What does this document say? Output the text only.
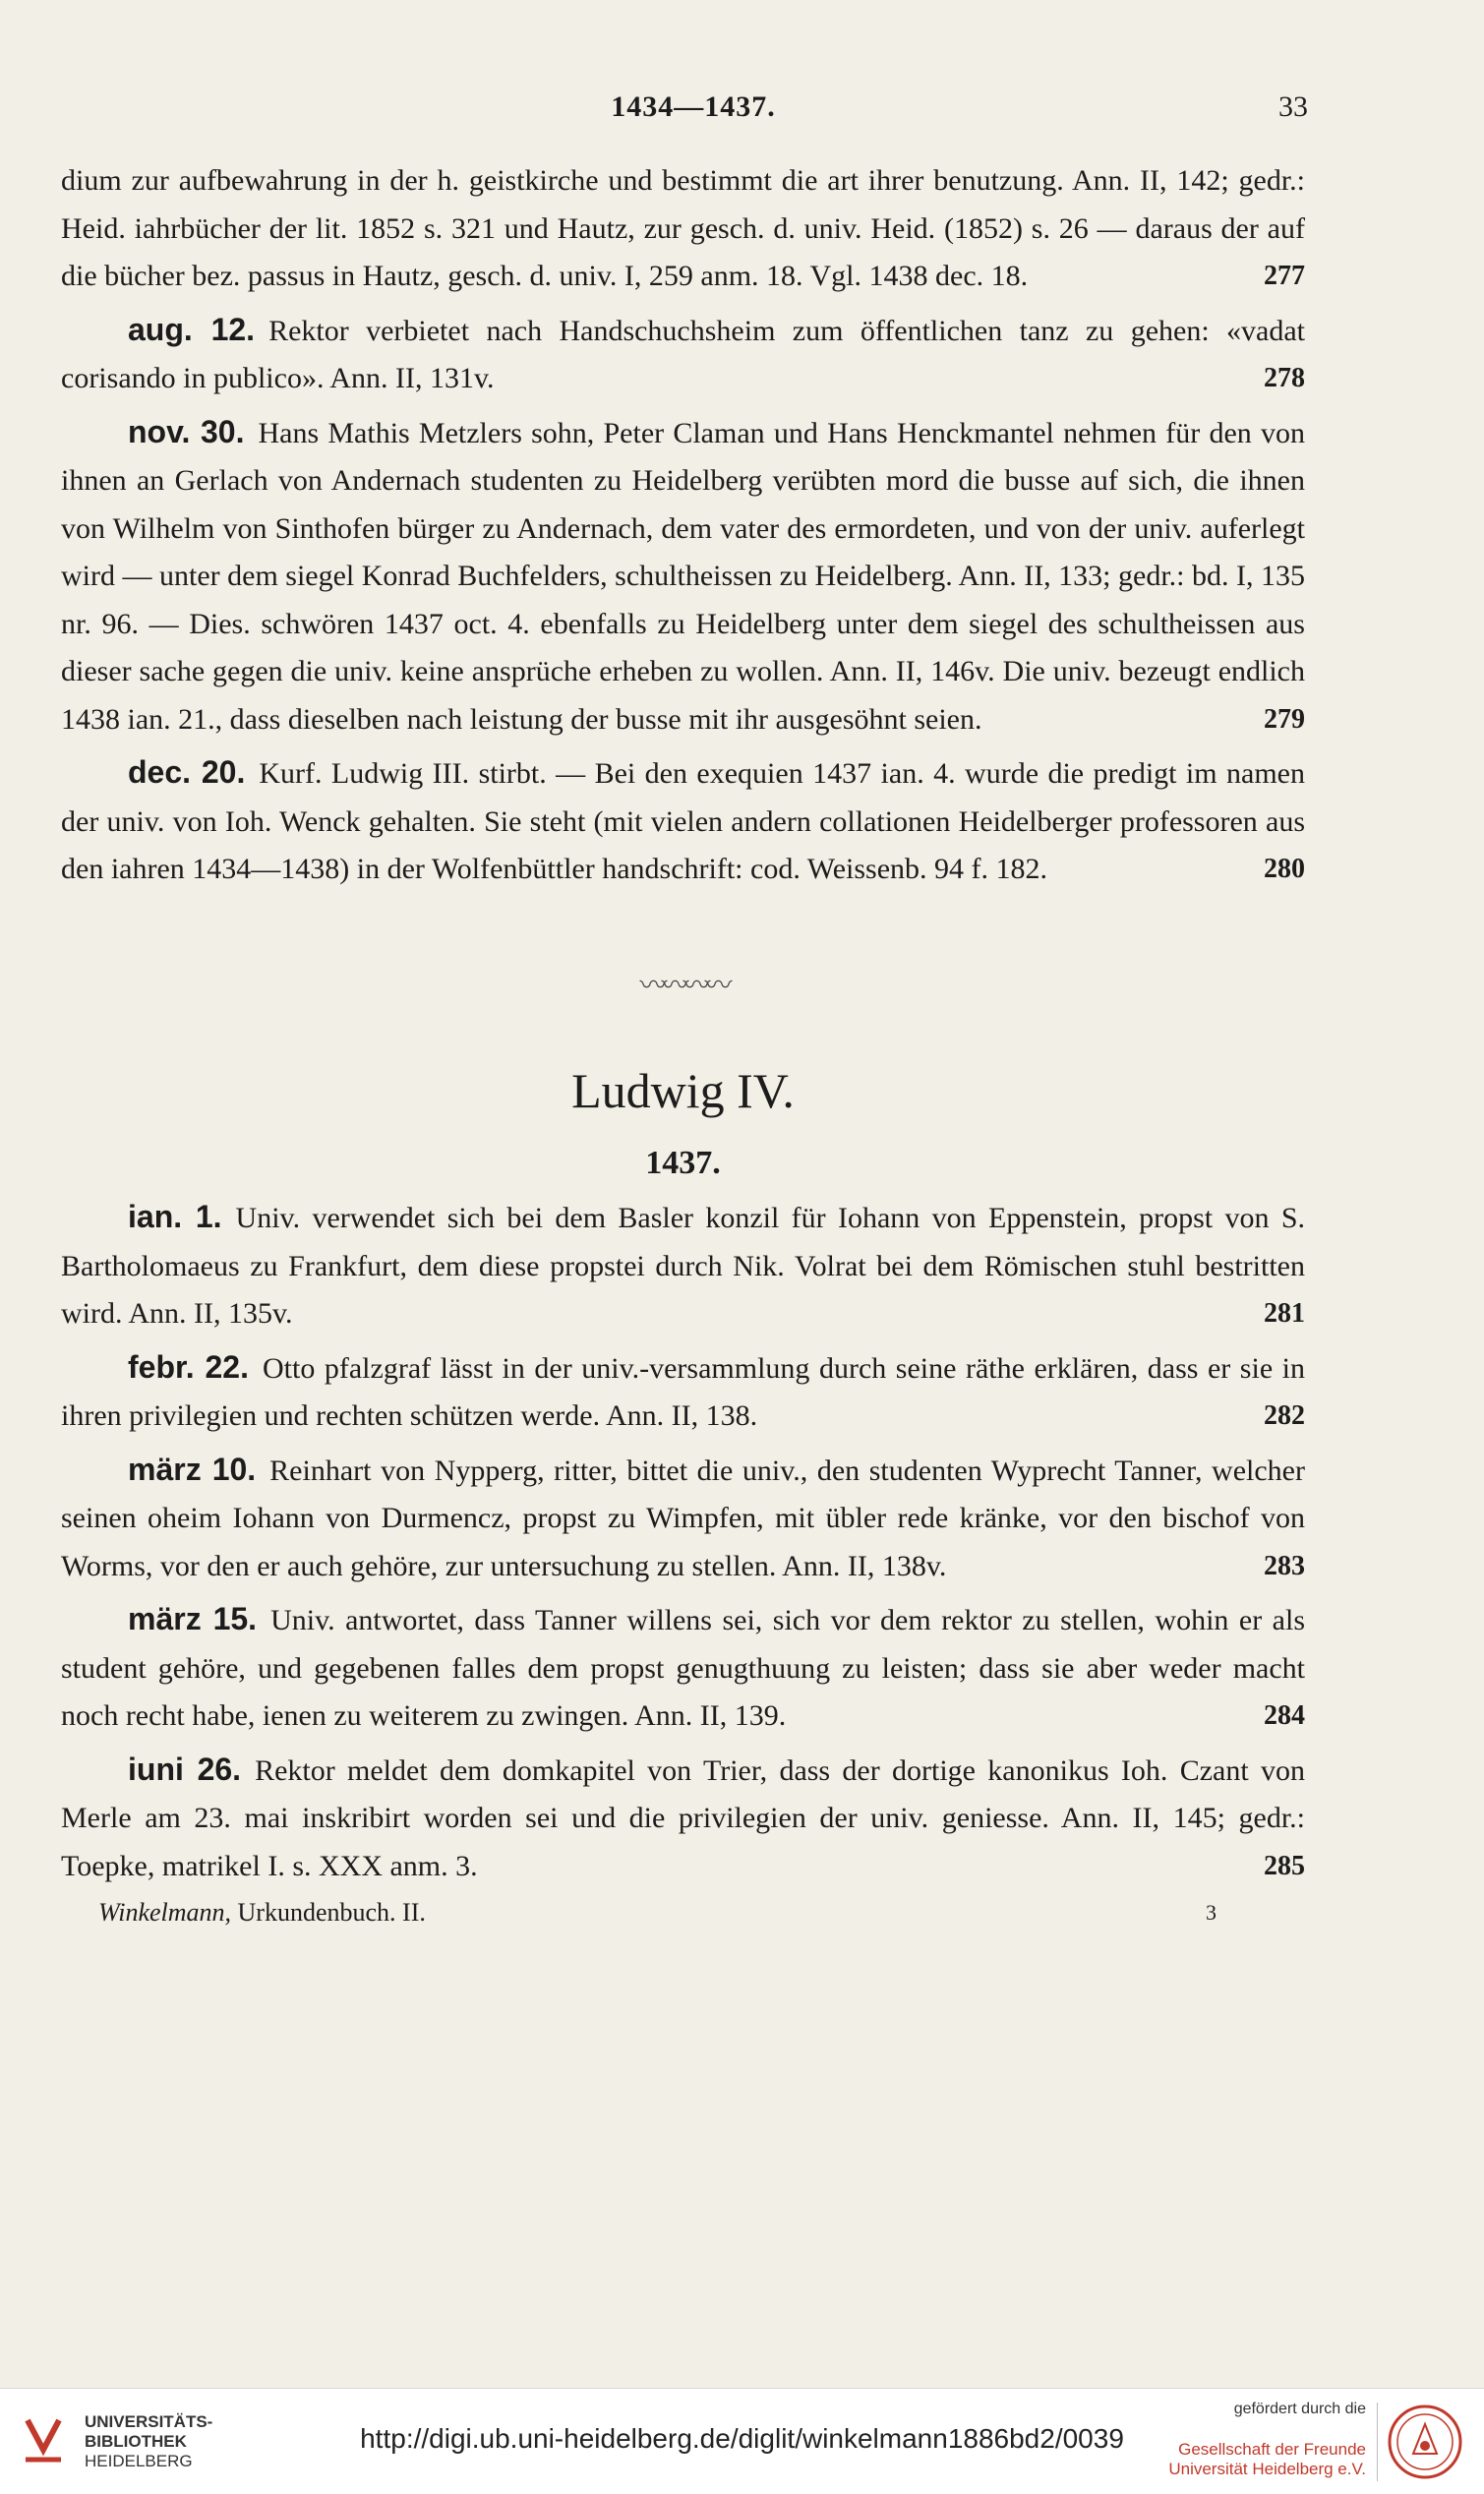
1434—1437.	33

dium zur aufbewahrung in der h. geistkirche und bestimmt die art ihrer benutzung. Ann. II, 142; gedr.: Heid. iahrbücher der lit. 1852 s. 321 und Hautz, zur gesch. d. univ. Heid. (1852) s. 26 — daraus der auf die bücher bez. passus in Hautz, gesch. d. univ. I, 259 anm. 18. Vgl. 1438 dec. 18.	277

aug. 12. Rektor verbietet nach Handschuchsheim zum öffentlichen tanz zu gehen: «vadat corisando in publico». Ann. II, 131v.	278

nov. 30. Hans Mathis Metzlers sohn, Peter Claman und Hans Henckmantel nehmen für den von ihnen an Gerlach von Andernach studenten zu Heidelberg verübten mord die busse auf sich, die ihnen von Wilhelm von Sinthofen bürger zu Andernach, dem vater des ermordeten, und von der univ. auferlegt wird — unter dem siegel Konrad Buchfelders, schultheissen zu Heidelberg. Ann. II, 133; gedr.: bd. I, 135 nr. 96. — Dies. schwören 1437 oct. 4. ebenfalls zu Heidelberg unter dem siegel des schultheissen aus dieser sache gegen die univ. keine ansprüche erheben zu wollen. Ann. II, 146v. Die univ. bezeugt endlich 1438 ian. 21., dass dieselben nach leistung der busse mit ihr ausgesöhnt seien.	279

dec. 20. Kurf. Ludwig III. stirbt. — Bei den exequien 1437 ian. 4. wurde die predigt im namen der univ. von Ioh. Wenck gehalten. Sie steht (mit vielen andern collationen Heidelberger professoren aus den iahren 1434—1438) in der Wolfenbüttler handschrift: cod. Weissenb. 94 f. 182.	280

〰〰〰〰
Ludwig IV.
1437.

ian. 1. Univ. verwendet sich bei dem Basler konzil für Iohann von Eppenstein, propst von S. Bartholomaeus zu Frankfurt, dem diese propstei durch Nik. Volrat bei dem Römischen stuhl bestritten wird. Ann. II, 135v.	281

febr. 22. Otto pfalzgraf lässt in der univ.-versammlung durch seine räthe erklären, dass er sie in ihren privilegien und rechten schützen werde. Ann. II, 138.	282

märz 10. Reinhart von Nypperg, ritter, bittet die univ., den studenten Wyprecht Tanner, welcher seinen oheim Iohann von Durmencz, propst zu Wimpfen, mit übler rede kränke, vor den bischof von Worms, vor den er auch gehöre, zur untersuchung zu stellen. Ann. II, 138v.	283

märz 15. Univ. antwortet, dass Tanner willens sei, sich vor dem rektor zu stellen, wohin er als student gehöre, und gegebenen falles dem propst genugthuung zu leisten; dass sie aber weder macht noch recht habe, ienen zu weiterem zu zwingen. Ann. II, 139.	284

iuni 26. Rektor meldet dem domkapitel von Trier, dass der dortige kanonikus Ioh. Czant von Merle am 23. mai inskribirt worden sei und die privilegien der univ. geniesse. Ann. II, 145; gedr.: Toepke, matrikel I. s. XXX anm. 3.	285

Winkelmann, Urkundenbuch. II.	3
UNIVERSITÄTS-
BIBLIOTHEK
HEIDELBERG
http://digi.ub.uni-heidelberg.de/diglit/winkelmann1886bd2/0039
gefördert durch die
Gesellschaft der Freunde
Universität Heidelberg e.V.
